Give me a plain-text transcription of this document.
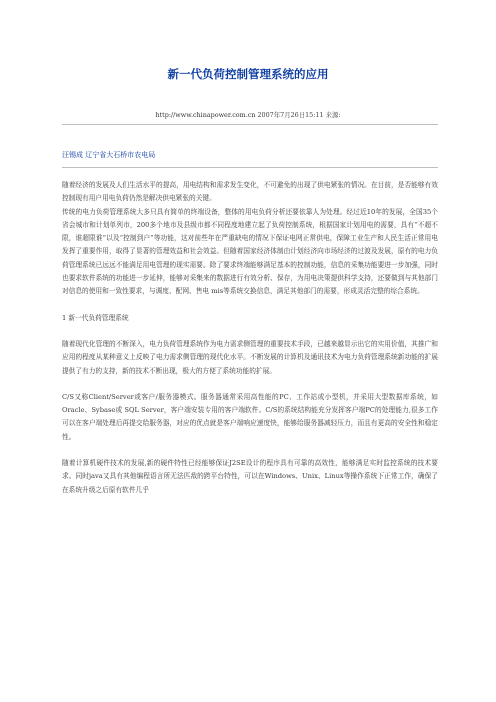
新一代负荷控制管理系统的应用
http://www.chinapower.com.cn 2007年7月26日15:11 来源:
汪锡成 辽宁省大石桥市农电局

随着经济的发展及人们生活水平的提高，用电结构和需求发生变化，不可避免的出现了供电紧张的情况。在目前，是否能够有效控制现有用户用电负荷仍然是解决供电紧张的关键。

传统的电力负荷管理系统大多只具有简单的终端设备，整体的用电负荷分析还要依靠人为处理。经过近10年的发展，全国35个省会城市和计划单列市，200多个地市及县级市都不同程度地建立起了负荷控制系统，根据国家计划用电的需要，具有“不超不限，谁超限谁”以及“控制到户”等功能，这对前些年在严重缺电的情况下保证电网正常供电，保障工业生产和人民生活正常用电发挥了重要作用，取得了显著的管理效益和社会效益。但随着国家经济体制由计划经济向市场经济的过渡及发展，原有的电力负荷管理系统已远远不能满足用电管理的现实需要。除了要求终端能够满足基本的控制功能，信息的采集功能要进一步加强，同时也要求软件系统的功能进一步延伸，能够对采集来的数据进行有效分析、保存，为用电决策提供科学支持，还要做到与其他部门对信息的使用和一致性要求，与调度、配网、售电 mis等系统交换信息，满足其他部门的需要，形成灵活完整的综合系统。

1 新一代负荷管理系统

随着现代化管理的不断深入，电力负荷管理系统作为电力需求侧管理的重要技术手段，已越来越显示出它的实用价值，其推广和应用的程度从某种意义上反映了电力需求侧管理的现代化水平。不断发展的计算机及通讯技术为电力负荷管理系统新功能的扩展提供了有力的支持，新的技术不断出现，极大的方便了系统功能的扩展。

C/S又称Client/Server或客户/服务器模式。服务器通常采用高性能的PC、工作站或小型机，并采用大型数据库系统，如Oracle、Sybase或 SQL Server，客户端安装专用的客户端软件。C/S的系统结构能充分发挥客户端PC的处理能力,很多工作可以在客户端处理后再提交给服务器，对应的优点就是客户端响应速度快，能够给服务器减轻压力，而且有更高的安全性和稳定性。

随着计算机硬件技术的发展,新的硬件特性已经能够保证J2SE设计的程序具有可靠的高效性，能够满足实时监控系统的技术要求。同时java又具有其他编程语言所无法匹敌的跨平台特性，可以在Windows、Unix、Linux等操作系统下正常工作，确保了在系统升级之后原有软件几乎
